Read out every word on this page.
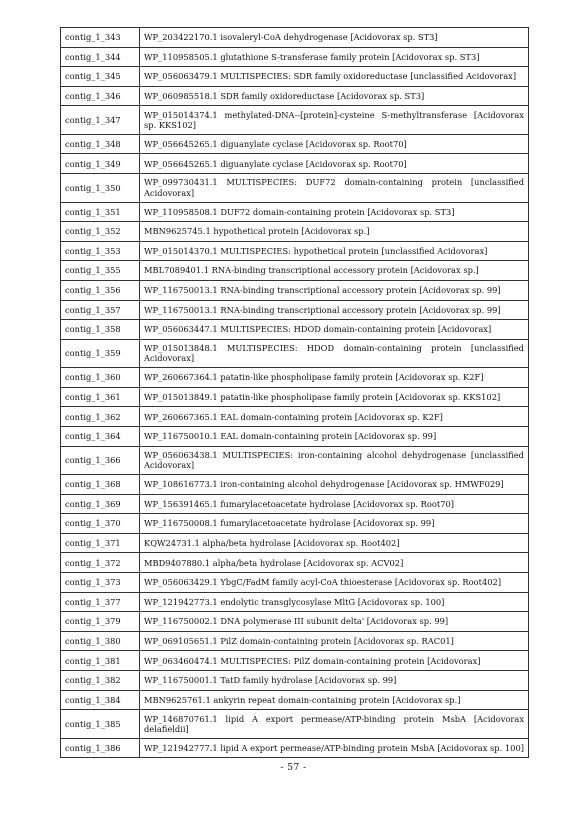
contig_1_343	WP_203422170.1 isovaleryl-CoA dehydrogenase [Acidovorax sp. ST3]
contig_1_344	WP_110958505.1 glutathione S-transferase family protein [Acidovorax sp. ST3]
contig_1_345	WP_056063479.1 MULTISPECIES: SDR family oxidoreductase [unclassified Acidovorax]
contig_1_346	WP_060985518.1 SDR family oxidoreductase [Acidovorax sp. ST3]
contig_1_347	WP_015014374.1 methylated-DNA--[protein]-cysteine S-methyltransferase [Acidovorax sp. KKS102]
contig_1_348	WP_056645265.1 diguanylate cyclase [Acidovorax sp. Root70]
contig_1_349	WP_056645265.1 diguanylate cyclase [Acidovorax sp. Root70]
contig_1_350	WP_099730431.1 MULTISPECIES: DUF72 domain-containing protein [unclassified Acidovorax]
contig_1_351	WP_110958508.1 DUF72 domain-containing protein [Acidovorax sp. ST3]
contig_1_352	MBN9625745.1 hypothetical protein [Acidovorax sp.]
contig_1_353	WP_015014370.1 MULTISPECIES: hypothetical protein [unclassified Acidovorax]
contig_1_355	MBL7089401.1 RNA-binding transcriptional accessory protein [Acidovorax sp.]
contig_1_356	WP_116750013.1 RNA-binding transcriptional accessory protein [Acidovorax sp. 99]
contig_1_357	WP_116750013.1 RNA-binding transcriptional accessory protein [Acidovorax sp. 99]
contig_1_358	WP_056063447.1 MULTISPECIES: HDOD domain-containing protein [Acidovorax]
contig_1_359	WP_015013848.1 MULTISPECIES: HDOD domain-containing protein [unclassified Acidovorax]
contig_1_360	WP_260667364.1 patatin-like phospholipase family protein [Acidovorax sp. K2F]
contig_1_361	WP_015013849.1 patatin-like phospholipase family protein [Acidovorax sp. KKS102]
contig_1_362	WP_260667365.1 EAL domain-containing protein [Acidovorax sp. K2F]
contig_1_364	WP_116750010.1 EAL domain-containing protein [Acidovorax sp. 99]
contig_1_366	WP_056063438.1 MULTISPECIES: iron-containing alcohol dehydrogenase [unclassified Acidovorax]
contig_1_368	WP_108616773.1 iron-containing alcohol dehydrogenase [Acidovorax sp. HMWF029]
contig_1_369	WP_156391465.1 fumarylacetoacetate hydrolase [Acidovorax sp. Root70]
contig_1_370	WP_116750008.1 fumarylacetoacetate hydrolase [Acidovorax sp. 99]
contig_1_371	KQW24731.1 alpha/beta hydrolase [Acidovorax sp. Root402]
contig_1_372	MBD9407880.1 alpha/beta hydrolase [Acidovorax sp. ACV02]
contig_1_373	WP_056063429.1 YbgC/FadM family acyl-CoA thioesterase [Acidovorax sp. Root402]
contig_1_377	WP_121942773.1 endolytic transglycosylase MltG [Acidovorax sp. 100]
contig_1_379	WP_116750002.1 DNA polymerase III subunit delta' [Acidovorax sp. 99]
contig_1_380	WP_069105651.1 PilZ domain-containing protein [Acidovorax sp. RAC01]
contig_1_381	WP_063460474.1 MULTISPECIES: PilZ domain-containing protein [Acidovorax]
contig_1_382	WP_116750001.1 TatD family hydrolase [Acidovorax sp. 99]
contig_1_384	MBN9625761.1 ankyrin repeat domain-containing protein [Acidovorax sp.]
contig_1_385	WP_146870761.1 lipid A export permease/ATP-binding protein MsbA [Acidovorax delafieldii]
contig_1_386	WP_121942777.1 lipid A export permease/ATP-binding protein MsbA [Acidovorax sp. 100]
- 57 -
